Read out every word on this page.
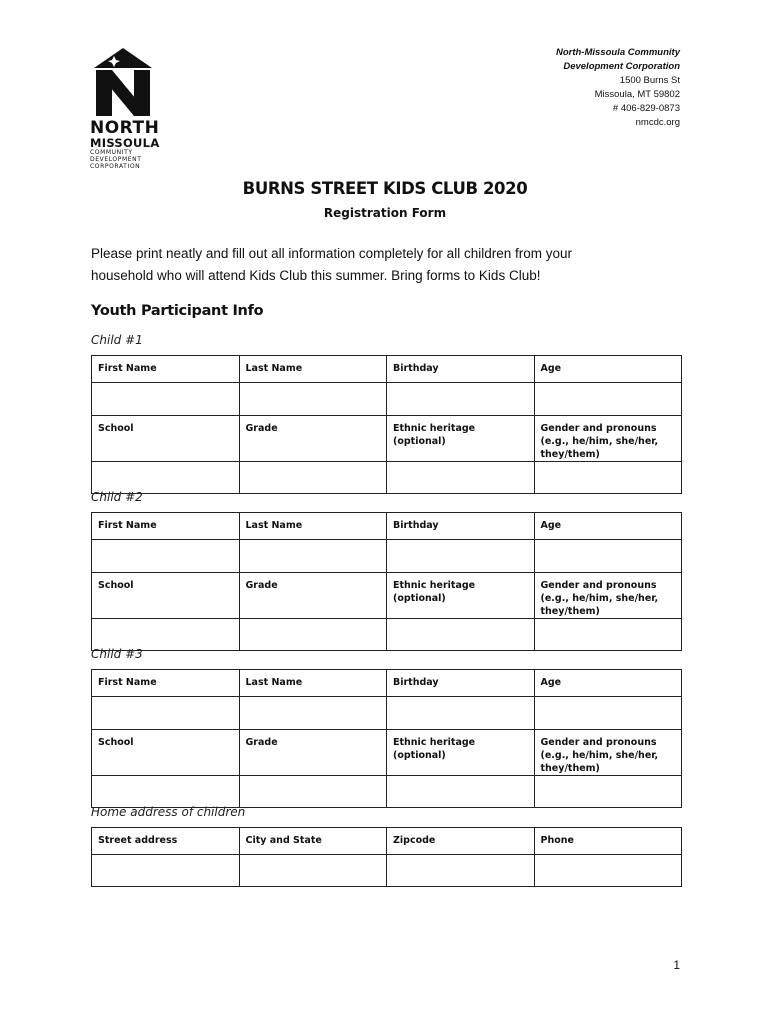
NORTH
MISSOULA
COMMUNITY
DEVELOPMENT
CORPORATION
North-Missoula Community
Development Corporation
1500 Burns St
Missoula, MT 59802
# 406-829-0873
nmcdc.org
BURNS STREET KIDS CLUB 2020
Registration Form
Please print neatly and fill out all information completely for all children from your
household who will attend Kids Club this summer. Bring forms to Kids Club!
Youth Participant Info
Child #1
First Name	Last Name	Birthday	Age

School	Grade	Ethnic heritage (optional)	Gender and pronouns (e.g., he/him, she/her, they/them)

Child #2
First Name	Last Name	Birthday	Age

School	Grade	Ethnic heritage (optional)	Gender and pronouns (e.g., he/him, she/her, they/them)

Child #3
First Name	Last Name	Birthday	Age

School	Grade	Ethnic heritage (optional)	Gender and pronouns (e.g., he/him, she/her, they/them)

Home address of children
Street address	City and State	Zipcode	Phone

1
